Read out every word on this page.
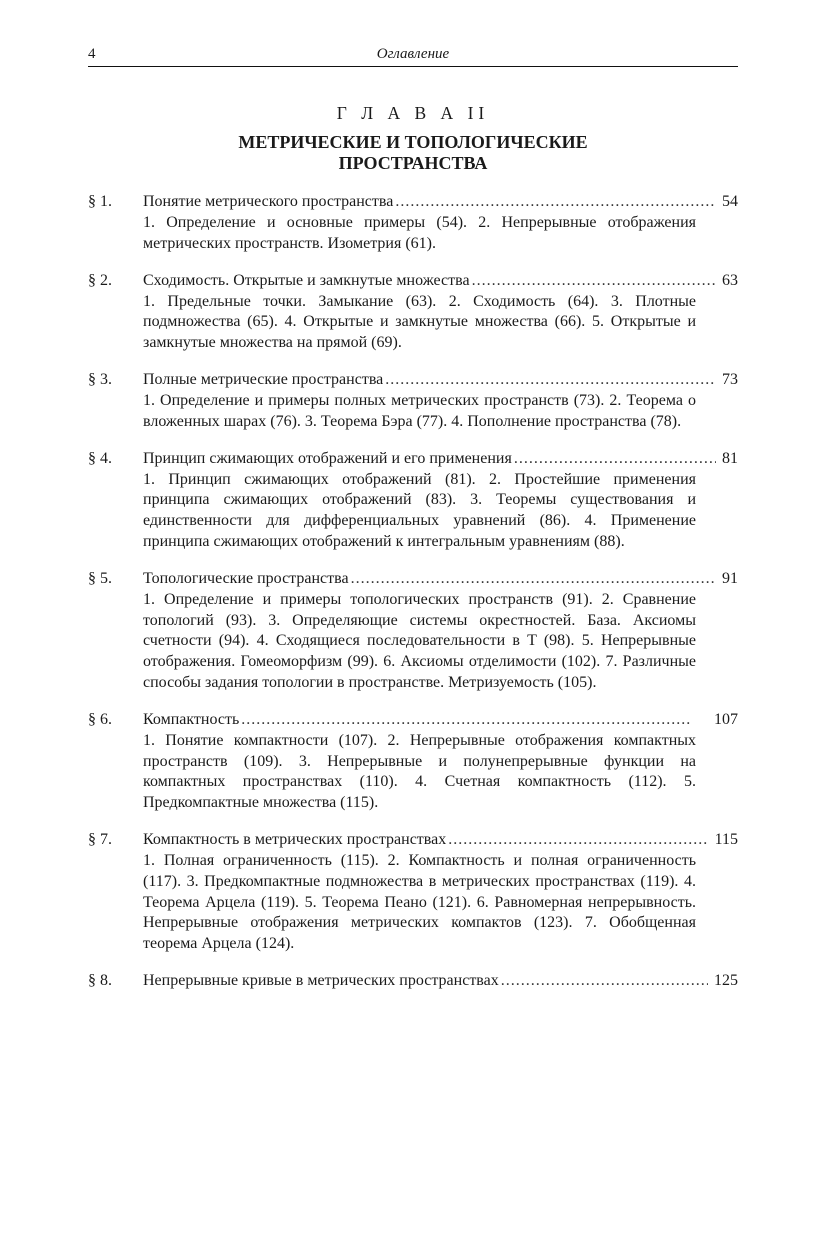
4	Оглавление
Г Л А В А II
МЕТРИЧЕСКИЕ И ТОПОЛОГИЧЕСКИЕ ПРОСТРАНСТВА
§ 1. Понятие метрического пространства . . .	54
1. Определение и основные примеры (54). 2. Непрерывные отображения метрических пространств. Изометрия (61).
§ 2. Сходимость. Открытые и замкнутые множества . . .	63
1. Предельные точки. Замыкание (63). 2. Сходимость (64). 3. Плотные подмножества (65). 4. Открытые и замкнутые множества (66). 5. Открытые и замкнутые множества на прямой (69).
§ 3. Полные метрические пространства . . .	73
1. Определение и примеры полных метрических пространств (73). 2. Теорема о вложенных шарах (76). 3. Теорема Бэра (77). 4. Пополнение пространства (78).
§ 4. Принцип сжимающих отображений и его применения . . .	81
1. Принцип сжимающих отображений (81). 2. Простейшие применения принципа сжимающих отображений (83). 3. Теоремы существования и единственности для дифференциальных уравнений (86). 4. Применение принципа сжимающих отображений к интегральным уравнениям (88).
§ 5. Топологические пространства . . .	91
1. Определение и примеры топологических пространств (91). 2. Сравнение топологий (93). 3. Определяющие системы окрестностей. База. Аксиомы счетности (94). 4. Сходящиеся последовательности в T (98). 5. Непрерывные отображения. Гомеоморфизм (99). 6. Аксиомы отделимости (102). 7. Различные способы задания топологии в пространстве. Метризуемость (105).
§ 6. Компактность . . .	107
1. Понятие компактности (107). 2. Непрерывные отображения компактных пространств (109). 3. Непрерывные и полунепрерывные функции на компактных пространствах (110). 4. Счетная компактность (112). 5. Предкомпактные множества (115).
§ 7. Компактность в метрических пространствах . . .	115
1. Полная ограниченность (115). 2. Компактность и полная ограниченность (117). 3. Предкомпактные подмножества в метрических пространствах (119). 4. Теорема Арцела (119). 5. Теорема Пеано (121). 6. Равномерная непрерывность. Непрерывные отображения метрических компактов (123). 7. Обобщенная теорема Арцела (124).
§ 8. Непрерывные кривые в метрических пространствах . . .	125
